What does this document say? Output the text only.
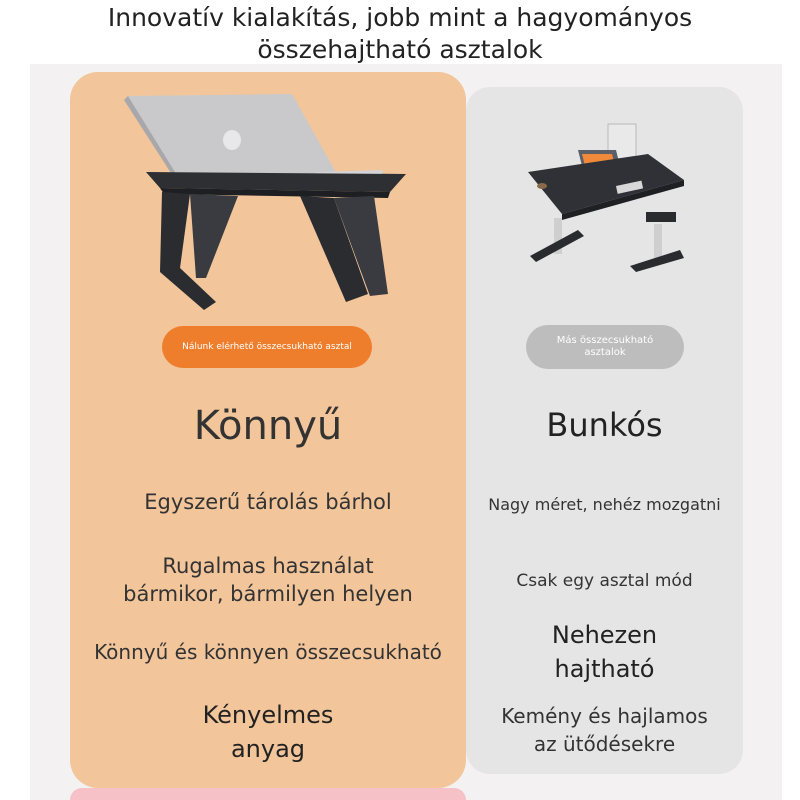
Innovatív kialakítás, jobb mint a hagyományos
összehajtható asztalok
Nálunk elérhető összecsukható asztal
Más összecsukható
asztalok
Könnyű	Bunkós
Egyszerű tárolás bárhol
Rugalmas használat
bármikor, bármilyen helyen
Könnyű és könnyen összecsukható
Kényelmes
anyag
Nagy méret, nehéz mozgatni
Csak egy asztal mód
Nehezen
hajtható
Kemény és hajlamos
az ütődésekre
